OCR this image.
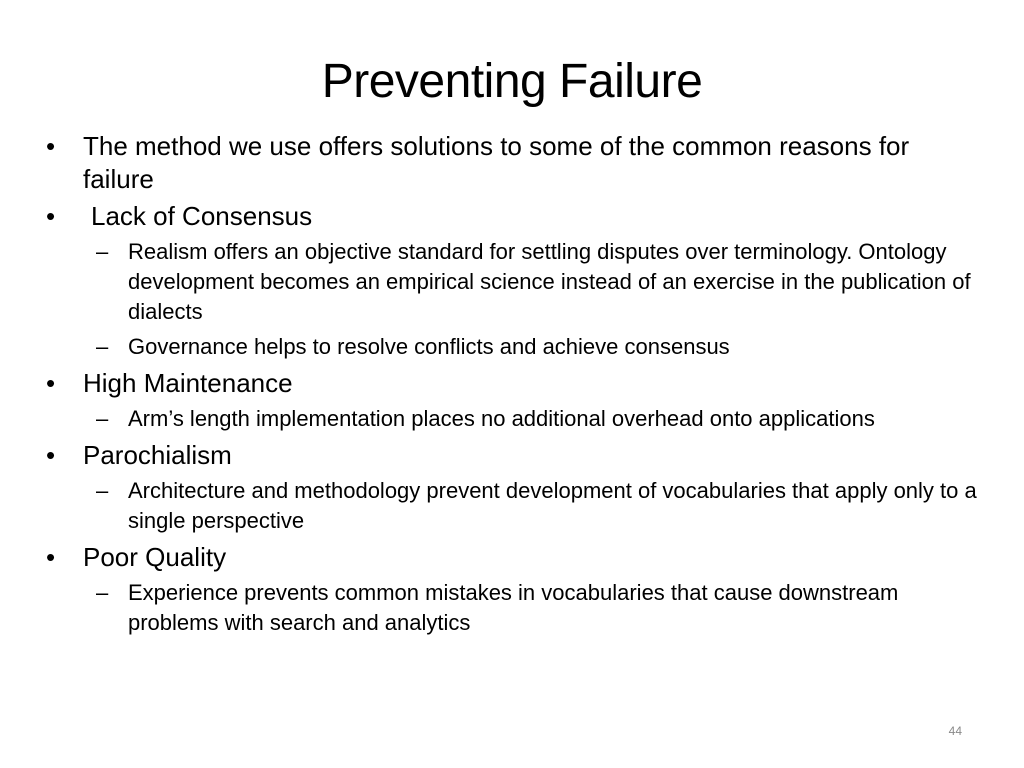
Preventing Failure
•	The method we use offers solutions to some of the common reasons for failure
•	Lack of Consensus
– Realism offers an objective standard for settling disputes over terminology. Ontology development becomes an empirical science instead of an exercise in the publication of dialects
– Governance helps to resolve conflicts and achieve consensus
•	High Maintenance
– Arm’s length implementation places no additional overhead onto applications
•	Parochialism
– Architecture and methodology prevent development of vocabularies that apply only to a single perspective
•	Poor Quality
– Experience prevents common mistakes in vocabularies that cause downstream problems with search and analytics
44
